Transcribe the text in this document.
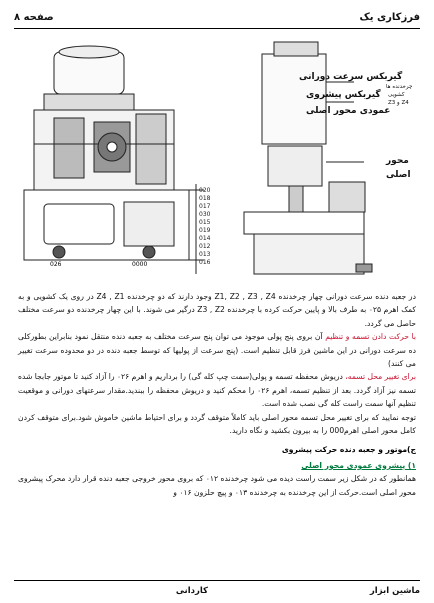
فرزکاری یک
صفحه ۸
020
018
017
030
015
019
014
012
013
016
026	0000
گیربکس سرعت دورانی
گیربکس پیشروی
عمودی محور اصلی
محور
اصلی
چرخدنده ها
کشویی
Z4 و Z3

در جعبه دنده سرعت دورانی چهار چرخدنده Z1, Z2 , Z3 , Z4 وجود دارند که دو چرخدنده Z4 , Z1 در روی یک کشویی و به کمک اهرم ۰۲۵ به طرف بالا و پایین حرکت کرده با چرخدنده Z3 , Z2 درگیر می شوند. با این چهار چرخدنده دو سرعت مختلف حاصل می گردد.

با حرکت دادن تسمه و تنظیم آن بروی پنج پولی موجود می توان پنج سرعت مختلف به جعبه دنده منتقل نمود بنابراین بطورکلی ده سرعت دورانی در این ماشین فرز قابل تنظیم است. (پنج سرعت از پولیها که توسط جعبه دنده در دو محدوده سرعت تغییر می کنند)

برای تغییر محل تسمه، دریوش محفظه تسمه و پولی(سمت چپ کله گی) را برداریم و اهرم ۰۲۶ را آزاد کنید تا موتور جابجا شده تسمه نیز آزاد گردد. بعد از تنظیم تسمه، اهرم ۰۲۶ را محکم کنید و دریوش محفظه را ببندید.مقدار سرعتهای دورانی و موقعیت تنظیم آنها سمت راست کله گی نصب شده است.

توجه نمایید که برای تغییر محل تسمه محور اصلی باید کاملاً متوقف گردد و برای احتیاط ماشین خاموش شود.برای متوقف کردن کامل محور اصلی اهرم000 را به بیرون بکشید و نگاه دارید.

ج)موتور و جعبه دنده حرکت پیشروی

۱) پیشروی عمودی محور اصلی

همانطور که در شکل زیر سمت راست دیده می شود چرخدنده ۰۱۲ که بروی محور خروجی جعبه دنده قرار دارد محرک پیشروی محور اصلی است.حرکت از این چرخدنده به چرخدنده ۰۱۳ و پیچ حلزون ۰۱۶ و

ماشین ابزار
کاردانی
